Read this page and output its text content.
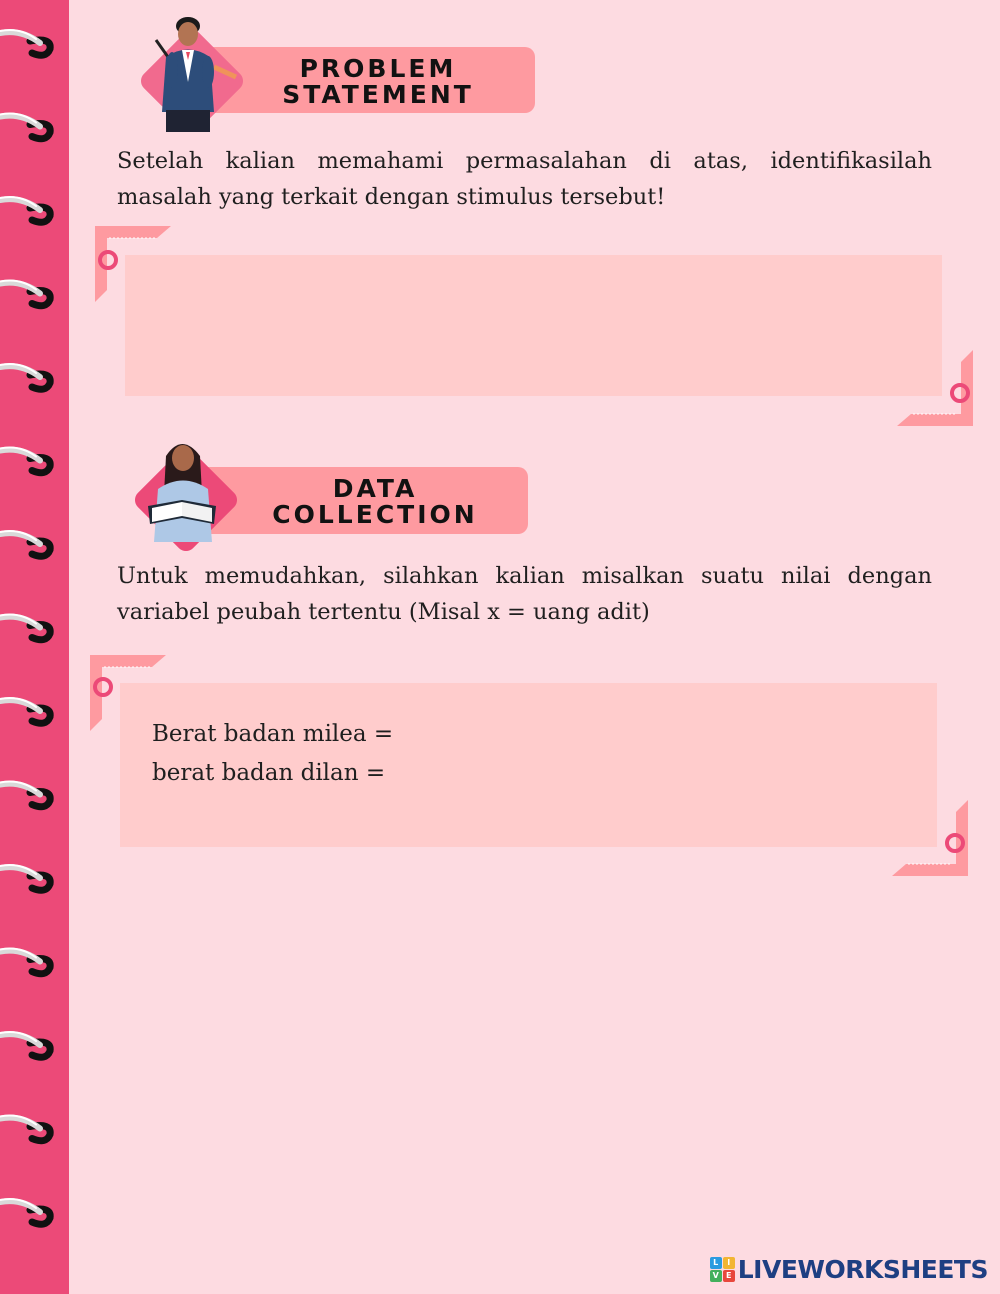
PROBLEM
STATEMENT

Setelah kalian memahami permasalahan di atas, identifikasilah masalah yang terkait dengan stimulus tersebut!

DATA
COLLECTION

Untuk memudahkan, silahkan kalian misalkan suatu nilai dengan variabel peubah tertentu (Misal x = uang adit)

Berat badan milea =
berat badan dilan =
L	I
V E LIVEWORKSHEETS
